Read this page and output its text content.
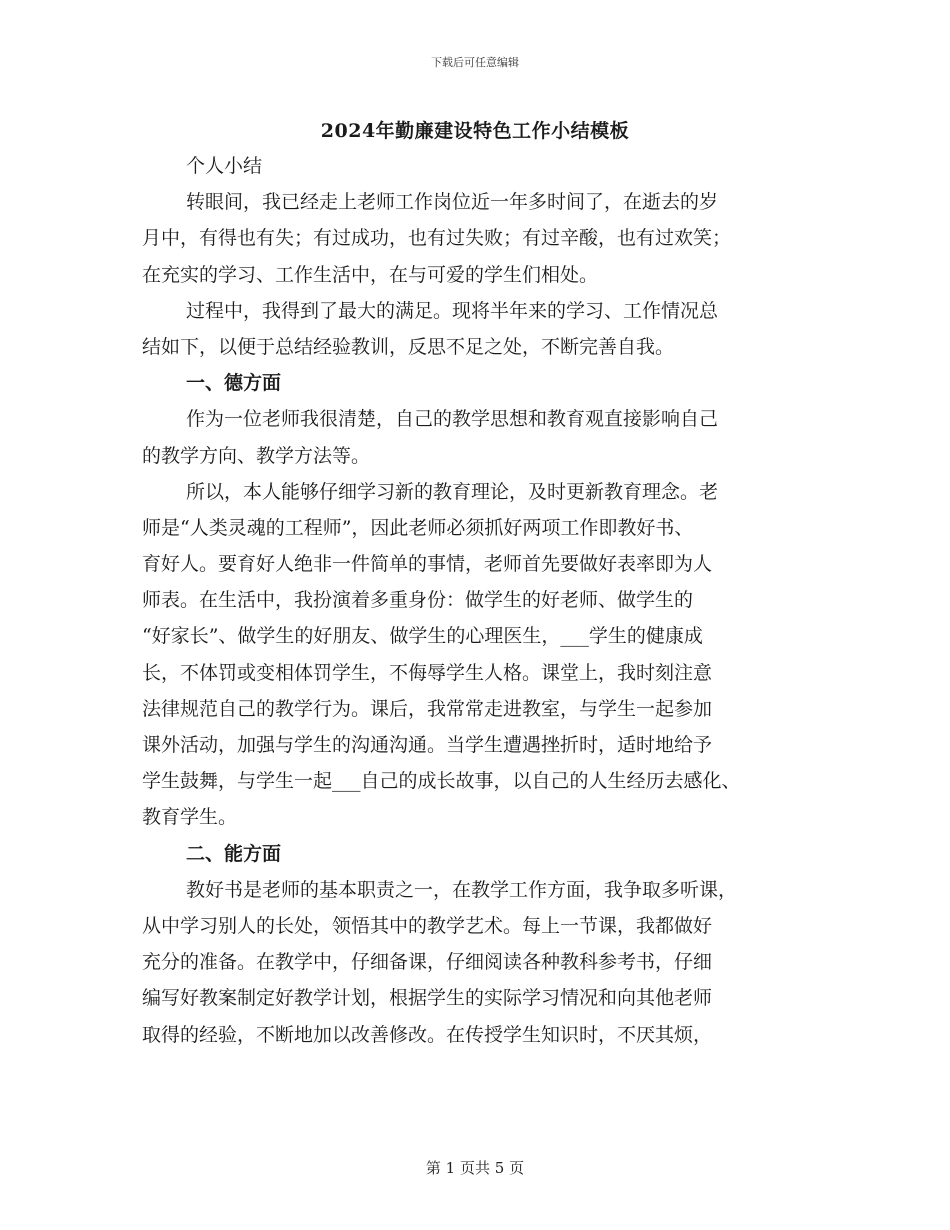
下载后可任意编辑
2024年勤廉建设特色工作小结模板
个人小结
转眼间，我已经走上老师工作岗位近一年多时间了，在逝去的岁
月中，有得也有失；有过成功，也有过失败；有过辛酸，也有过欢笑；
在充实的学习、工作生活中，在与可爱的学生们相处。
过程中，我得到了最大的满足。现将半年来的学习、工作情况总
结如下，以便于总结经验教训，反思不足之处，不断完善自我。
一、德方面
作为一位老师我很清楚，自己的教学思想和教育观直接影响自己
的教学方向、教学方法等。
所以，本人能够仔细学习新的教育理论，及时更新教育理念。老
师是“人类灵魂的工程师”，因此老师必须抓好两项工作即教好书、
育好人。要育好人绝非一件简单的事情，老师首先要做好表率即为人
师表。在生活中，我扮演着多重身份：做学生的好老师、做学生的
“好家长”、做学生的好朋友、做学生的心理医生，___学生的健康成
长，不体罚或变相体罚学生，不侮辱学生人格。课堂上，我时刻注意
法律规范自己的教学行为。课后，我常常走进教室，与学生一起参加
课外活动，加强与学生的沟通沟通。当学生遭遇挫折时，适时地给予
学生鼓舞，与学生一起___自己的成长故事，以自己的人生经历去感化、
教育学生。
二、能方面
教好书是老师的基本职责之一，在教学工作方面，我争取多听课，
从中学习别人的长处，领悟其中的教学艺术。每上一节课，我都做好
充分的准备。在教学中，仔细备课，仔细阅读各种教科参考书，仔细
编写好教案制定好教学计划，根据学生的实际学习情况和向其他老师
取得的经验，不断地加以改善修改。在传授学生知识时，不厌其烦，
第 1 页共 5 页
